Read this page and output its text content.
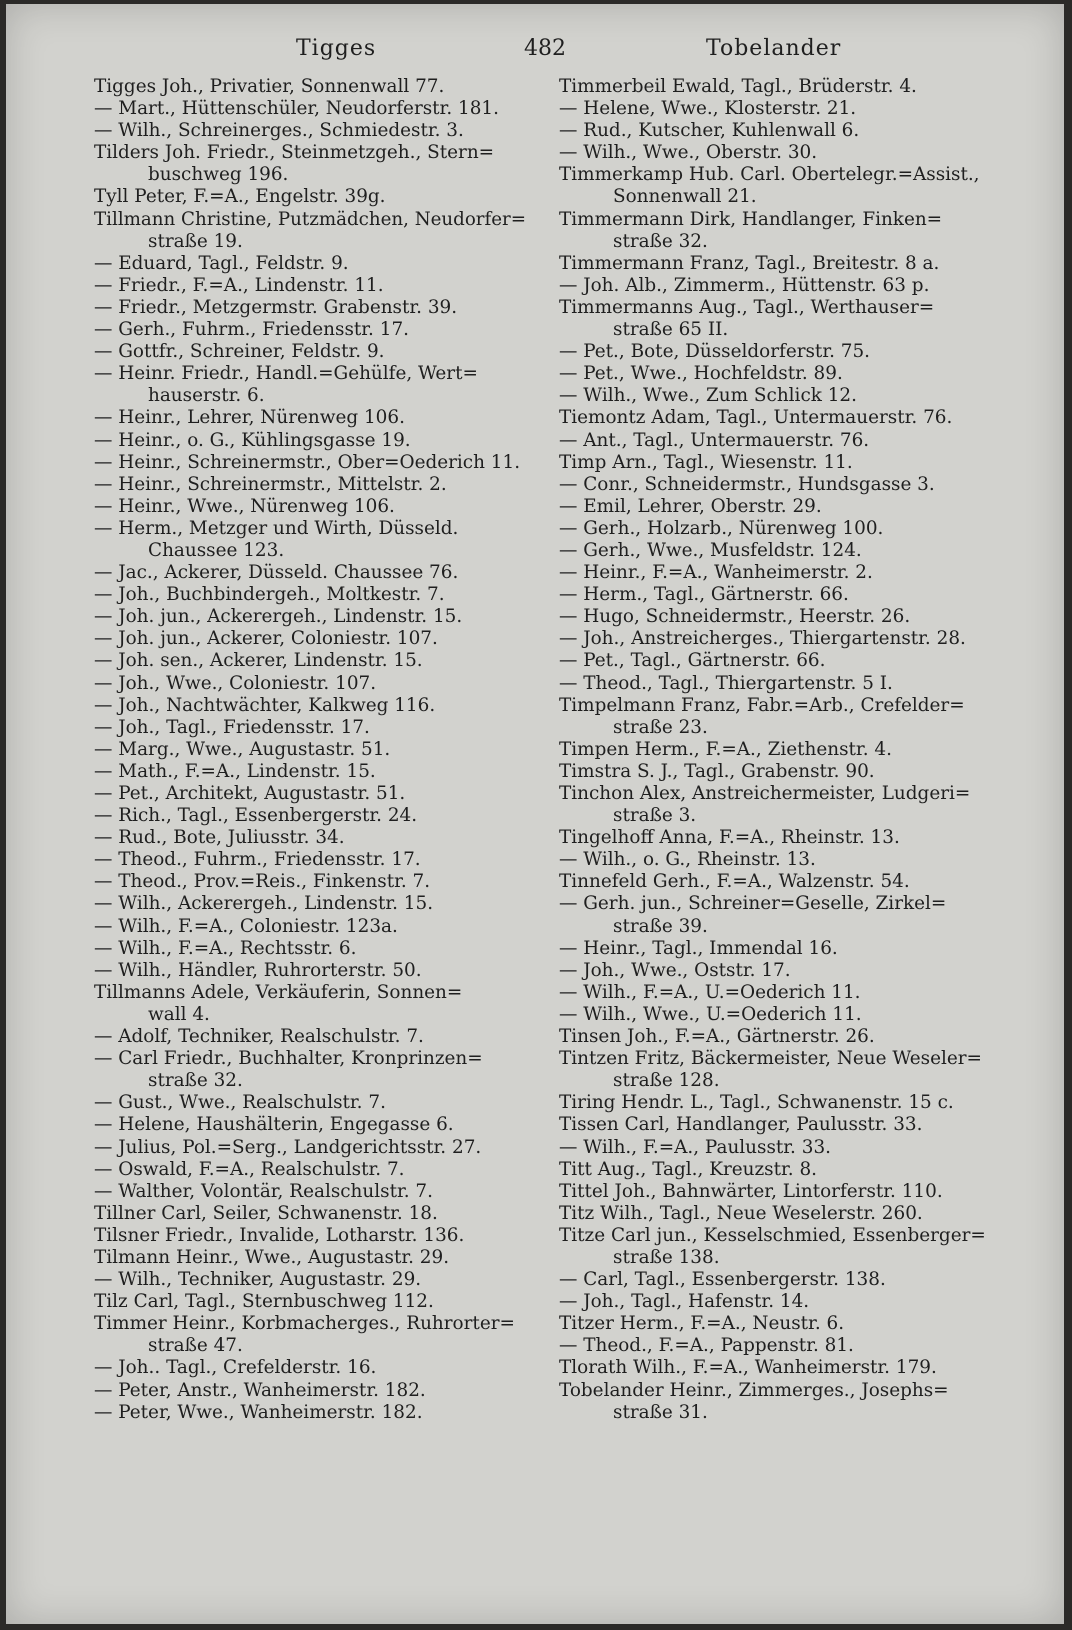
Tigges	482	Tobelander
Tigges Joh., Privatier, Sonnenwall 77.
— Mart., Hüttenschüler, Neudorferstr. 181.
— Wilh., Schreinerges., Schmiedestr. 3.
Tilders Joh. Friedr., Steinmetzgeh., Stern=
buschweg 196.
Tyll Peter, F.=A., Engelstr. 39g.
Tillmann Christine, Putzmädchen, Neudorfer=
straße 19.
— Eduard, Tagl., Feldstr. 9.
— Friedr., F.=A., Lindenstr. 11.
— Friedr., Metzgermstr. Grabenstr. 39.
— Gerh., Fuhrm., Friedensstr. 17.
— Gottfr., Schreiner, Feldstr. 9.
— Heinr. Friedr., Handl.=Gehülfe, Wert=
hauserstr. 6.
— Heinr., Lehrer, Nürenweg 106.
— Heinr., o. G., Kühlingsgasse 19.
— Heinr., Schreinermstr., Ober=Oederich 11.
— Heinr., Schreinermstr., Mittelstr. 2.
— Heinr., Wwe., Nürenweg 106.
— Herm., Metzger und Wirth, Düsseld.
Chaussee 123.
— Jac., Ackerer, Düsseld. Chaussee 76.
— Joh., Buchbindergeh., Moltkestr. 7.
— Joh. jun., Ackerergeh., Lindenstr. 15.
— Joh. jun., Ackerer, Coloniestr. 107.
— Joh. sen., Ackerer, Lindenstr. 15.
— Joh., Wwe., Coloniestr. 107.
— Joh., Nachtwächter, Kalkweg 116.
— Joh., Tagl., Friedensstr. 17.
— Marg., Wwe., Augustastr. 51.
— Math., F.=A., Lindenstr. 15.
— Pet., Architekt, Augustastr. 51.
— Rich., Tagl., Essenbergerstr. 24.
— Rud., Bote, Juliusstr. 34.
— Theod., Fuhrm., Friedensstr. 17.
— Theod., Prov.=Reis., Finkenstr. 7.
— Wilh., Ackerergeh., Lindenstr. 15.
— Wilh., F.=A., Coloniestr. 123a.
— Wilh., F.=A., Rechtsstr. 6.
— Wilh., Händler, Ruhrorterstr. 50.
Tillmanns Adele, Verkäuferin, Sonnen=
wall 4.
— Adolf, Techniker, Realschulstr. 7.
— Carl Friedr., Buchhalter, Kronprinzen=
straße 32.
— Gust., Wwe., Realschulstr. 7.
— Helene, Haushälterin, Engegasse 6.
— Julius, Pol.=Serg., Landgerichtsstr. 27.
— Oswald, F.=A., Realschulstr. 7.
— Walther, Volontär, Realschulstr. 7.
Tillner Carl, Seiler, Schwanenstr. 18.
Tilsner Friedr., Invalide, Lotharstr. 136.
Tilmann Heinr., Wwe., Augustastr. 29.
— Wilh., Techniker, Augustastr. 29.
Tilz Carl, Tagl., Sternbuschweg 112.
Timmer Heinr., Korbmacherges., Ruhrorter=
straße 47.
— Joh.. Tagl., Crefelderstr. 16.
— Peter, Anstr., Wanheimerstr. 182.
— Peter, Wwe., Wanheimerstr. 182.
Timmerbeil Ewald, Tagl., Brüderstr. 4.
— Helene, Wwe., Klosterstr. 21.
— Rud., Kutscher, Kuhlenwall 6.
— Wilh., Wwe., Oberstr. 30.
Timmerkamp Hub. Carl. Obertelegr.=Assist.,
Sonnenwall 21.
Timmermann Dirk, Handlanger, Finken=
straße 32.
Timmermann Franz, Tagl., Breitestr. 8 a.
— Joh. Alb., Zimmerm., Hüttenstr. 63 p.
Timmermanns Aug., Tagl., Werthauser=
straße 65 II.
— Pet., Bote, Düsseldorferstr. 75.
— Pet., Wwe., Hochfeldstr. 89.
— Wilh., Wwe., Zum Schlick 12.
Tiemontz Adam, Tagl., Untermauerstr. 76.
— Ant., Tagl., Untermauerstr. 76.
Timp Arn., Tagl., Wiesenstr. 11.
— Conr., Schneidermstr., Hundsgasse 3.
— Emil, Lehrer, Oberstr. 29.
— Gerh., Holzarb., Nürenweg 100.
— Gerh., Wwe., Musfeldstr. 124.
— Heinr., F.=A., Wanheimerstr. 2.
— Herm., Tagl., Gärtnerstr. 66.
— Hugo, Schneidermstr., Heerstr. 26.
— Joh., Anstreicherges., Thiergartenstr. 28.
— Pet., Tagl., Gärtnerstr. 66.
— Theod., Tagl., Thiergartenstr. 5 I.
Timpelmann Franz, Fabr.=Arb., Crefelder=
straße 23.
Timpen Herm., F.=A., Ziethenstr. 4.
Timstra S. J., Tagl., Grabenstr. 90.
Tinchon Alex, Anstreichermeister, Ludgeri=
straße 3.
Tingelhoff Anna, F.=A., Rheinstr. 13.
— Wilh., o. G., Rheinstr. 13.
Tinnefeld Gerh., F.=A., Walzenstr. 54.
— Gerh. jun., Schreiner=Geselle, Zirkel=
straße 39.
— Heinr., Tagl., Immendal 16.
— Joh., Wwe., Oststr. 17.
— Wilh., F.=A., U.=Oederich 11.
— Wilh., Wwe., U.=Oederich 11.
Tinsen Joh., F.=A., Gärtnerstr. 26.
Tintzen Fritz, Bäckermeister, Neue Weseler=
straße 128.
Tiring Hendr. L., Tagl., Schwanenstr. 15 c.
Tissen Carl, Handlanger, Paulusstr. 33.
— Wilh., F.=A., Paulusstr. 33.
Titt Aug., Tagl., Kreuzstr. 8.
Tittel Joh., Bahnwärter, Lintorferstr. 110.
Titz Wilh., Tagl., Neue Weselerstr. 260.
Titze Carl jun., Kesselschmied, Essenberger=
straße 138.
— Carl, Tagl., Essenbergerstr. 138.
— Joh., Tagl., Hafenstr. 14.
Titzer Herm., F.=A., Neustr. 6.
— Theod., F.=A., Pappenstr. 81.
Tlorath Wilh., F.=A., Wanheimerstr. 179.
Tobelander Heinr., Zimmerges., Josephs=
straße 31.
